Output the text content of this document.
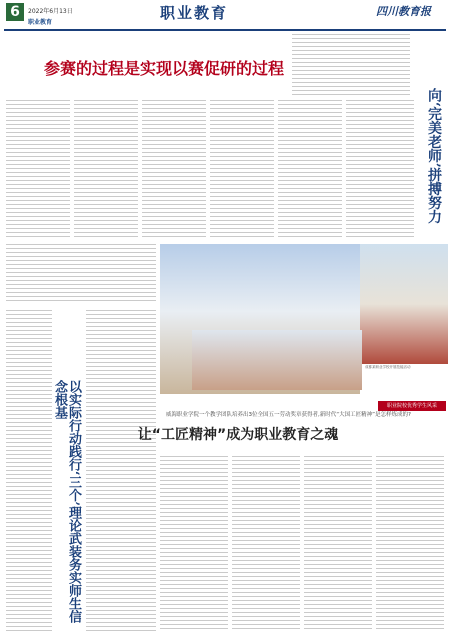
6	2022年6月13日
职业教育
职业教育	四川教育报
参赛的过程是实现以赛促研的过程
向‘完美老师’拼搏努力
以实际行动践行‘三个’理论武装务实师生信念根基
成都某职业学校开展技能活动
职业院校优秀学生风采
威海职业学院一个教学团队培养出3位全国五一劳动奖章获得者,新时代“大国工匠精神”是怎样炼成的?
让“工匠精神”成为职业教育之魂
